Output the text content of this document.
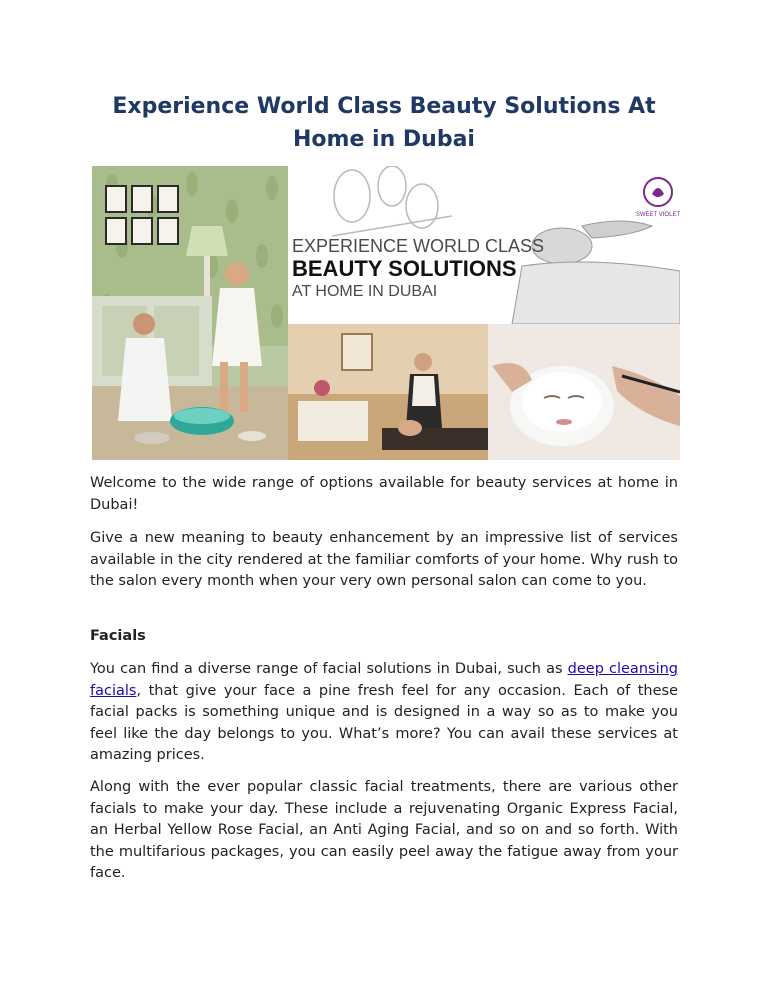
Experience World Class Beauty Solutions At Home in Dubai
EXPERIENCE WORLD CLASS
BEAUTY SOLUTIONS
AT HOME IN DUBAI
SWEET VIOLET

Welcome to the wide range of options available for beauty services at home in Dubai!

Give a new meaning to beauty enhancement by an impressive list of services available in the city rendered at the familiar comforts of your home. Why rush to the salon every month when your very own personal salon can come to you.

Facials

You can find a diverse range of facial solutions in Dubai, such as deep cleansing facials, that give your face a pine fresh feel for any occasion. Each of these facial packs is something unique and is designed in a way so as to make you feel like the day belongs to you. What’s more? You can avail these services at amazing prices.

Along with the ever popular classic facial treatments, there are various other facials to make your day. These include a rejuvenating Organic Express Facial, an Herbal Yellow Rose Facial, an Anti Aging Facial, and so on and so forth. With the multifarious packages, you can easily peel away the fatigue away from your face.
